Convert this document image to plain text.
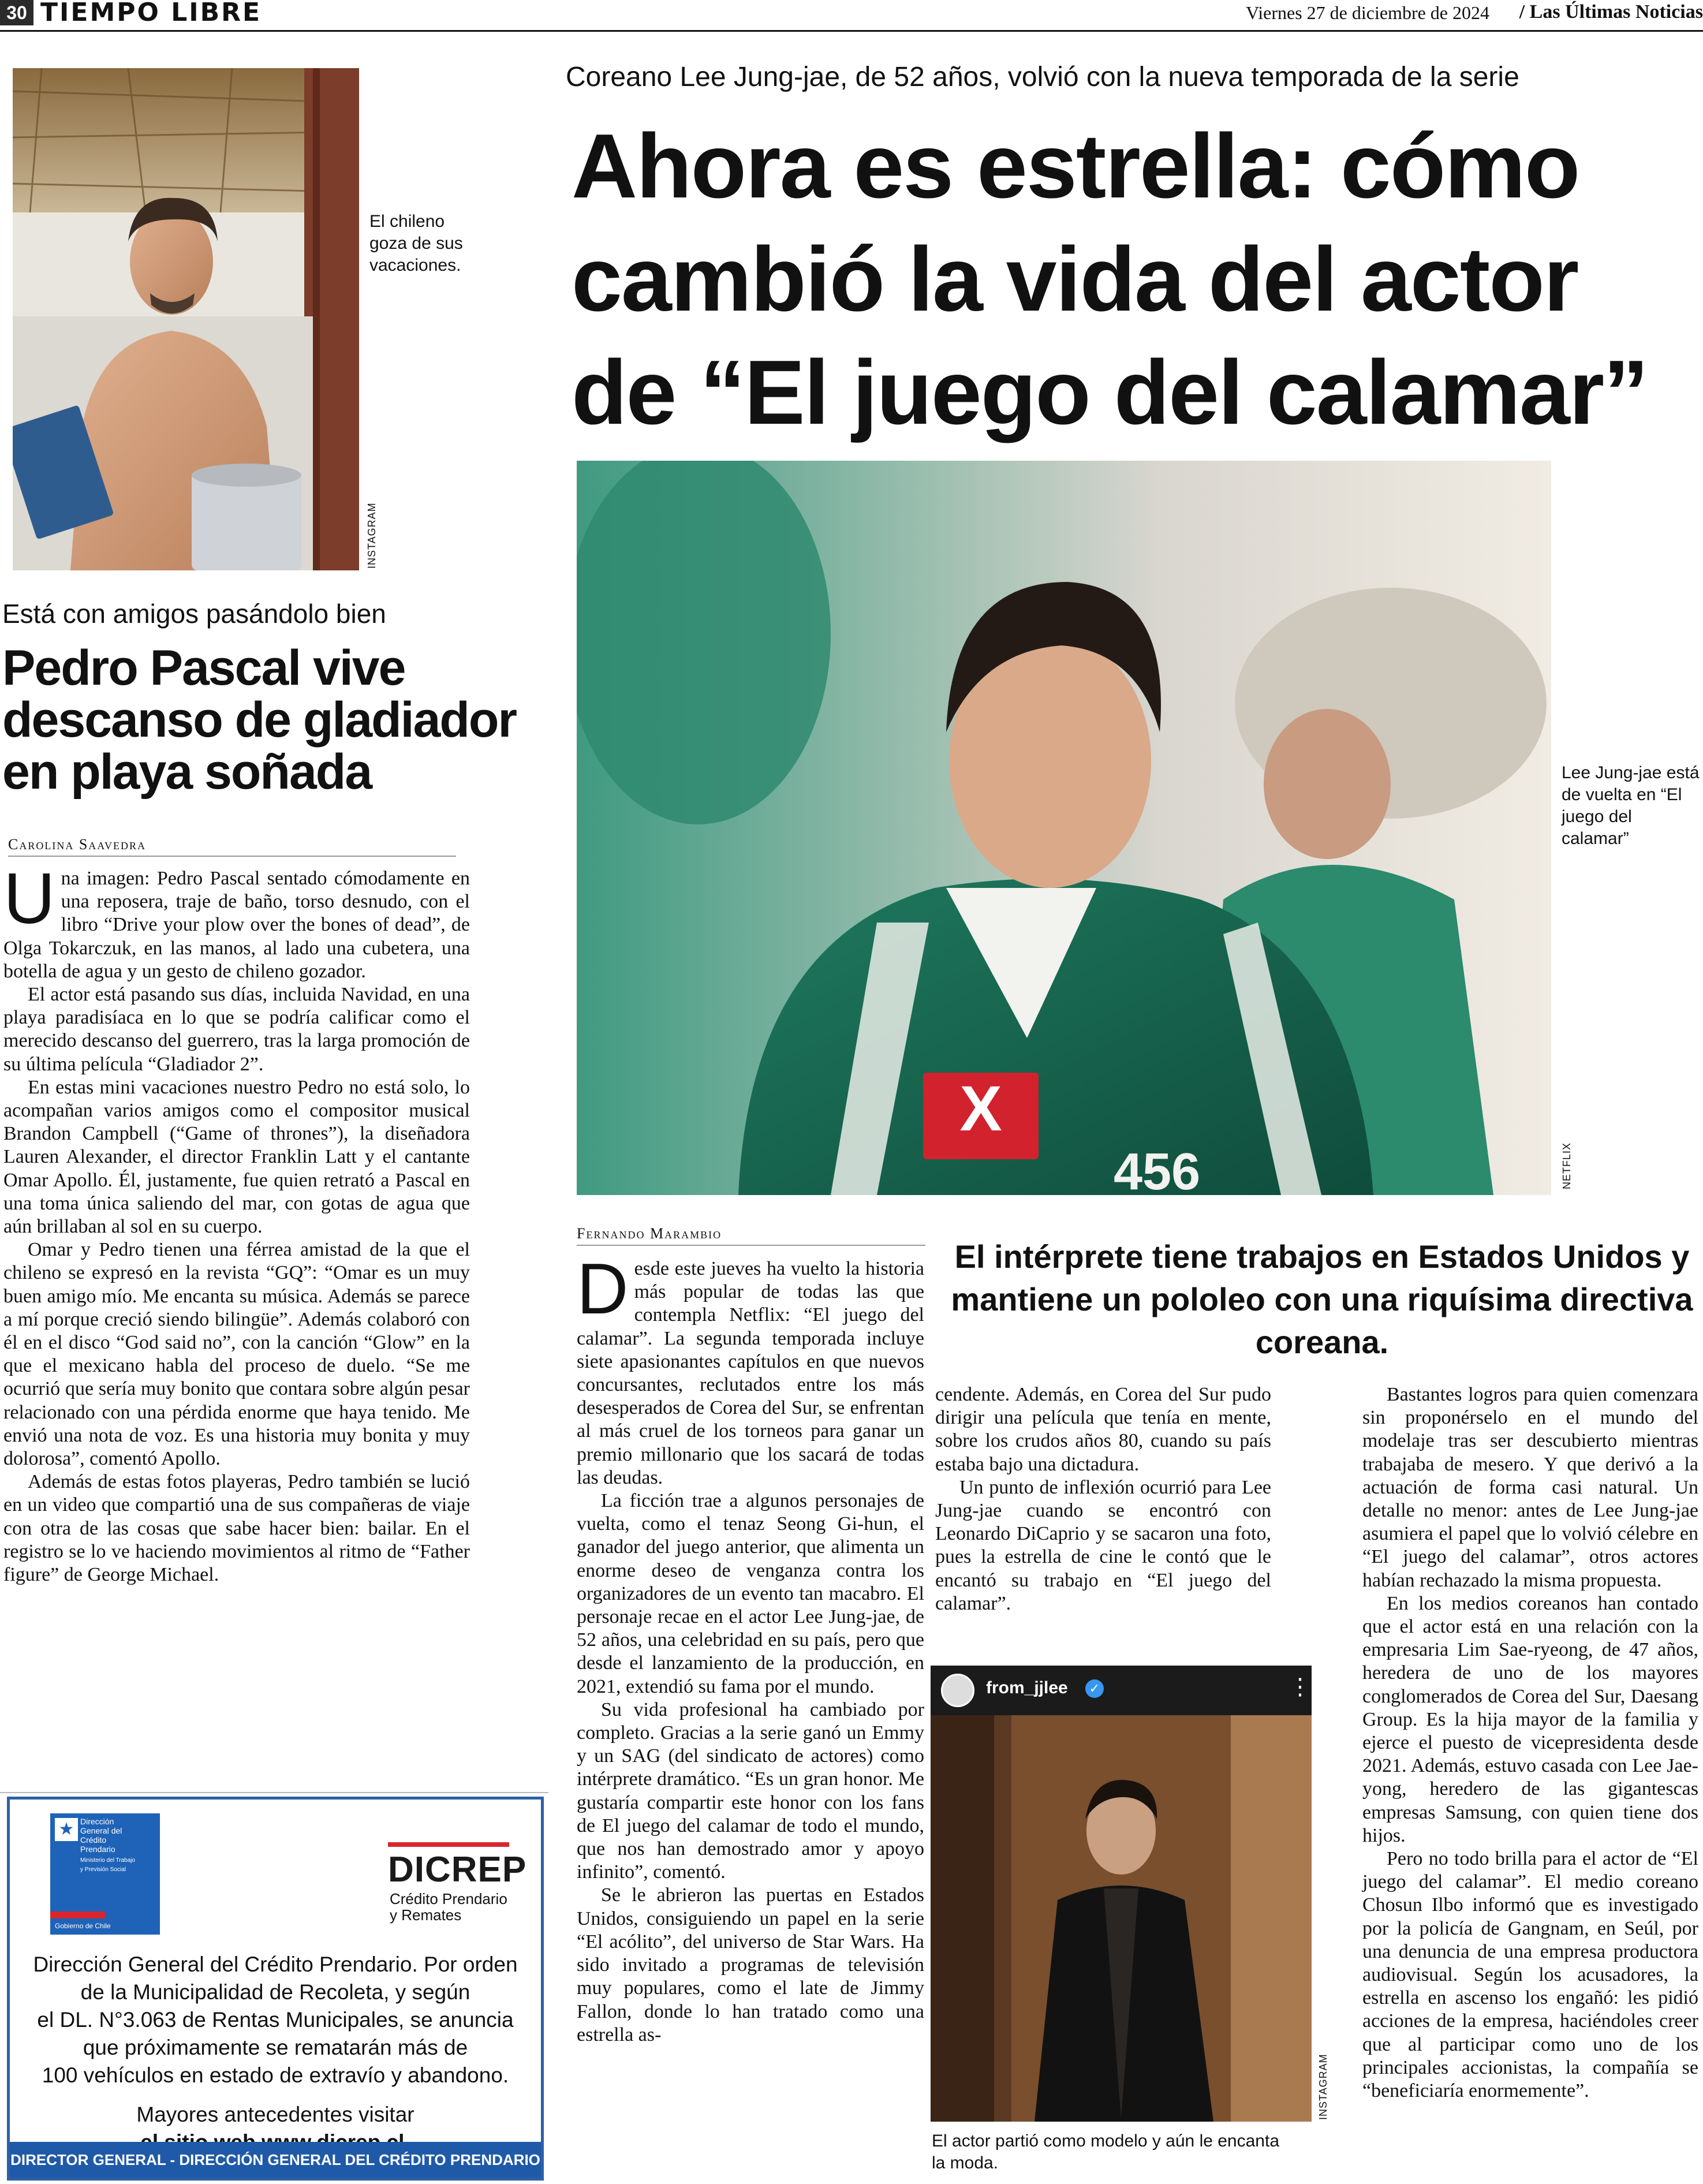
30 TIEMPO LIBRE	Viernes 27 de diciembre de 2024 / Las Últimas Noticias
El chileno goza de sus vacaciones.
INSTAGRAM
Está con amigos pasándolo bien
Pedro Pascal vive descanso de gladiador en playa soñada
Carolina Saavedra

Una imagen: Pedro Pascal sentado cómodamente en una reposera, traje de baño, torso desnudo, con el libro “Drive your plow over the bones of dead”, de Olga Tokarczuk, en las manos, al lado una cubetera, una botella de agua y un gesto de chileno gozador.

El actor está pasando sus días, incluida Navidad, en una playa paradisíaca en lo que se podría calificar como el merecido descanso del guerrero, tras la larga promoción de su última película “Gladiador 2”.

En estas mini vacaciones nuestro Pedro no está solo, lo acompañan varios amigos como el compositor musical Brandon Campbell (“Game of thrones”), la diseñadora Lauren Alexander, el director Franklin Latt y el cantante Omar Apollo. Él, justamente, fue quien retrató a Pascal en una toma única saliendo del mar, con gotas de agua que aún brillaban al sol en su cuerpo.

Omar y Pedro tienen una férrea amistad de la que el chileno se expresó en la revista “GQ”: “Omar es un muy buen amigo mío. Me encanta su música. Además se parece a mí porque creció siendo bilingüe”. Además colaboró con él en el disco “God said no”, con la canción “Glow” en la que el mexicano habla del proceso de duelo. “Se me ocurrió que sería muy bonito que contara sobre algún pesar relacionado con una pérdida enorme que haya tenido. Me envió una nota de voz. Es una historia muy bonita y muy dolorosa”, comentó Apollo.

Además de estas fotos playeras, Pedro también se lució en un video que compartió una de sus compañeras de viaje con otra de las cosas que sabe hacer bien: bailar. En el registro se lo ve haciendo movimientos al ritmo de “Father figure” de George Michael.

★ Dirección
General del
Crédito
Prendario
Ministerio del Trabajo
y Previsión Social
Gobierno de Chile
DICREP
Crédito Prendario
y Remates
Dirección General del Crédito Prendario. Por orden
de la Municipalidad de Recoleta, y según
el DL. N°3.063 de Rentas Municipales, se anuncia
que próximamente se rematarán más de
100 vehículos en estado de extravío y abandono.
Mayores antecedentes visitar
DIRECTOR GENERAL - DIRECCIÓN GENERAL DEL CRÉDITO PRENDARIO
Coreano Lee Jung-jae, de 52 años, volvió con la nueva temporada de la serie
Ahora es estrella: cómo
cambió la vida del actor
de “El juego del calamar”
X
456
Lee Jung-jae está de vuelta en “El juego del calamar”
NETFLIX
Fernando Marambio
El intérprete tiene trabajos en Estados Unidos y mantiene un pololeo con una riquísima directiva coreana.

Desde este jueves ha vuelto la historia más popular de todas las que contempla Netflix: “El juego del calamar”. La segunda temporada incluye siete apasionantes capítulos en que nuevos concursantes, reclutados entre los más desesperados de Corea del Sur, se enfrentan al más cruel de los torneos para ganar un premio millonario que los sacará de todas las deudas.

La ficción trae a algunos personajes de vuelta, como el tenaz Seong Gi-hun, el ganador del juego anterior, que alimenta un enorme deseo de venganza contra los organizadores de un evento tan macabro. El personaje recae en el actor Lee Jung-jae, de 52 años, una celebridad en su país, pero que desde el lanzamiento de la producción, en 2021, extendió su fama por el mundo.

Su vida profesional ha cambiado por completo. Gracias a la serie ganó un Emmy y un SAG (del sindicato de actores) como intérprete dramático. “Es un gran honor. Me gustaría compartir este honor con los fans de El juego del calamar de todo el mundo, que nos han demostrado amor y apoyo infinito”, comentó.

Se le abrieron las puertas en Estados Unidos, consiguiendo un papel en la serie “El acólito”, del universo de Star Wars. Ha sido invitado a programas de televisión muy populares, como el late de Jimmy Fallon, donde lo han tratado como una estrella as-

cendente. Además, en Corea del Sur pudo dirigir una película que tenía en mente, sobre los crudos años 80, cuando su país estaba bajo una dictadura.

Un punto de inflexión ocurrió para Lee Jung-jae cuando se encontró con Leonardo DiCaprio y se sacaron una foto, pues la estrella de cine le contó que le encantó su trabajo en “El juego del calamar”.

from_jjlee	✓	⋮
INSTAGRAM
El actor partió como modelo y aún le encanta la moda.

Bastantes logros para quien comenzara sin proponérselo en el mundo del modelaje tras ser descubierto mientras trabajaba de mesero. Y que derivó a la actuación de forma casi natural. Un detalle no menor: antes de Lee Jung-jae asumiera el papel que lo volvió célebre en “El juego del calamar”, otros actores habían rechazado la misma propuesta.

En los medios coreanos han contado que el actor está en una relación con la empresaria Lim Sae-ryeong, de 47 años, heredera de uno de los mayores conglomerados de Corea del Sur, Daesang Group. Es la hija mayor de la familia y ejerce el puesto de vicepresidenta desde 2021. Además, estuvo casada con Lee Jae-yong, heredero de las gigantescas empresas Samsung, con quien tiene dos hijos.

Pero no todo brilla para el actor de “El juego del calamar”. El medio coreano Chosun Ilbo informó que es investigado por la policía de Gangnam, en Seúl, por una denuncia de una empresa productora audiovisual. Según los acusadores, la estrella en ascenso los engañó: les pidió acciones de la empresa, haciéndoles creer que al participar como uno de los principales accionistas, la compañía se “beneficiaría enormemente”.
